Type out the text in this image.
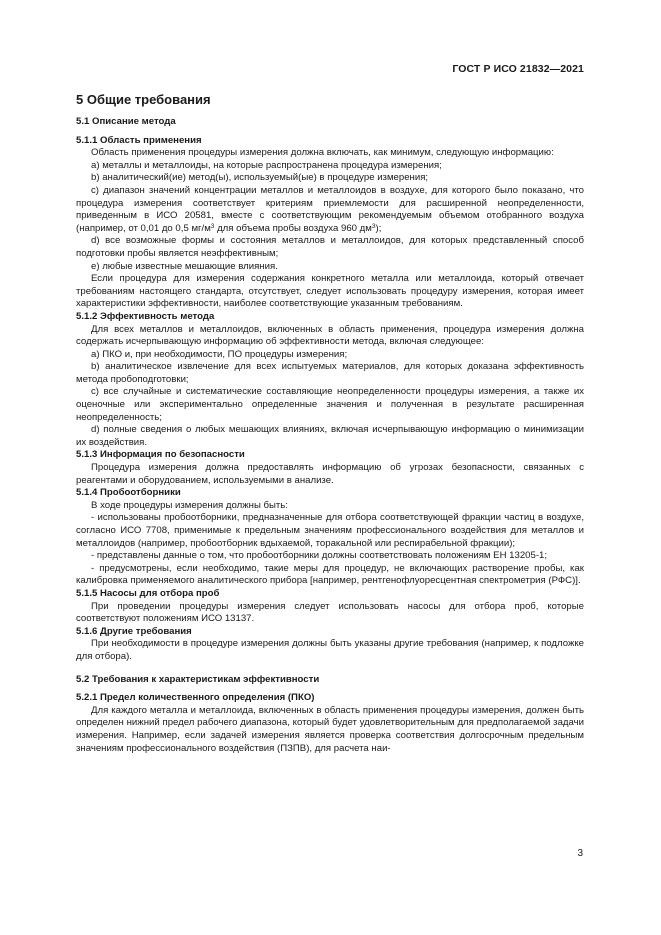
ГОСТ Р ИСО 21832—2021
5 Общие требования
5.1 Описание метода
5.1.1 Область применения

Область применения процедуры измерения должна включать, как минимум, следующую информацию:

a) металлы и металлоиды, на которые распространена процедура измерения;

b) аналитический(ие) метод(ы), используемый(ые) в процедуре измерения;

c) диапазон значений концентрации металлов и металлоидов в воздухе, для которого было показано, что процедура измерения соответствует критериям приемлемости для расширенной неопределенности, приведенным в ИСО 20581, вместе с соответствующим рекомендуемым объемом отобранного воздуха (например, от 0,01 до 0,5 $мг/м^3$ для объема пробы воздуха 960 $дм^3$);

d) все возможные формы и состояния металлов и металлоидов, для которых представленный способ подготовки пробы является неэффективным;

e) любые известные мешающие влияния.

Если процедура для измерения содержания конкретного металла или металлоида, который отвечает требованиям настоящего стандарта, отсутствует, следует использовать процедуру измерения, которая имеет характеристики эффективности, наиболее соответствующие указанным требованиям.

5.1.2 Эффективность метода

Для всех металлов и металлоидов, включенных в область применения, процедура измерения должна содержать исчерпывающую информацию об эффективности метода, включая следующее:

a) ПКО и, при необходимости, ПО процедуры измерения;

b) аналитическое извлечение для всех испытуемых материалов, для которых доказана эффективность метода пробоподготовки;

c) все случайные и систематические составляющие неопределенности процедуры измерения, а также их оценочные или экспериментально определенные значения и полученная в результате расширенная неопределенность;

d) полные сведения о любых мешающих влияниях, включая исчерпывающую информацию о минимизации их воздействия.

5.1.3 Информация по безопасности

Процедура измерения должна предоставлять информацию об угрозах безопасности, связанных с реагентами и оборудованием, используемыми в анализе.

5.1.4 Пробоотборники

В ходе процедуры измерения должны быть:

- использованы пробоотборники, предназначенные для отбора соответствующей фракции частиц в воздухе, согласно ИСО 7708, применимые к предельным значениям профессионального воздействия для металлов и металлоидов (например, пробоотборник вдыхаемой, торакальной или респирабельной фракции);

- представлены данные о том, что пробоотборники должны соответствовать положениям ЕН 13205-1;

- предусмотрены, если необходимо, такие меры для процедур, не включающих растворение пробы, как калибровка применяемого аналитического прибора [например, рентгенофлуоресцентная спектрометрия (РФС)].

5.1.5 Насосы для отбора проб

При проведении процедуры измерения следует использовать насосы для отбора проб, которые соответствуют положениям ИСО 13137.

5.1.6 Другие требования

При необходимости в процедуре измерения должны быть указаны другие требования (например, к подложке для отбора).

5.2 Требования к характеристикам эффективности
5.2.1 Предел количественного определения (ПКО)

Для каждого металла и металлоида, включенных в область применения процедуры измерения, должен быть определен нижний предел рабочего диапазона, который будет удовлетворительным для предполагаемой задачи измерения. Например, если задачей измерения является проверка соответствия долгосрочным предельным значениям профессионального воздействия (ПЗПВ), для расчета наи-

3
